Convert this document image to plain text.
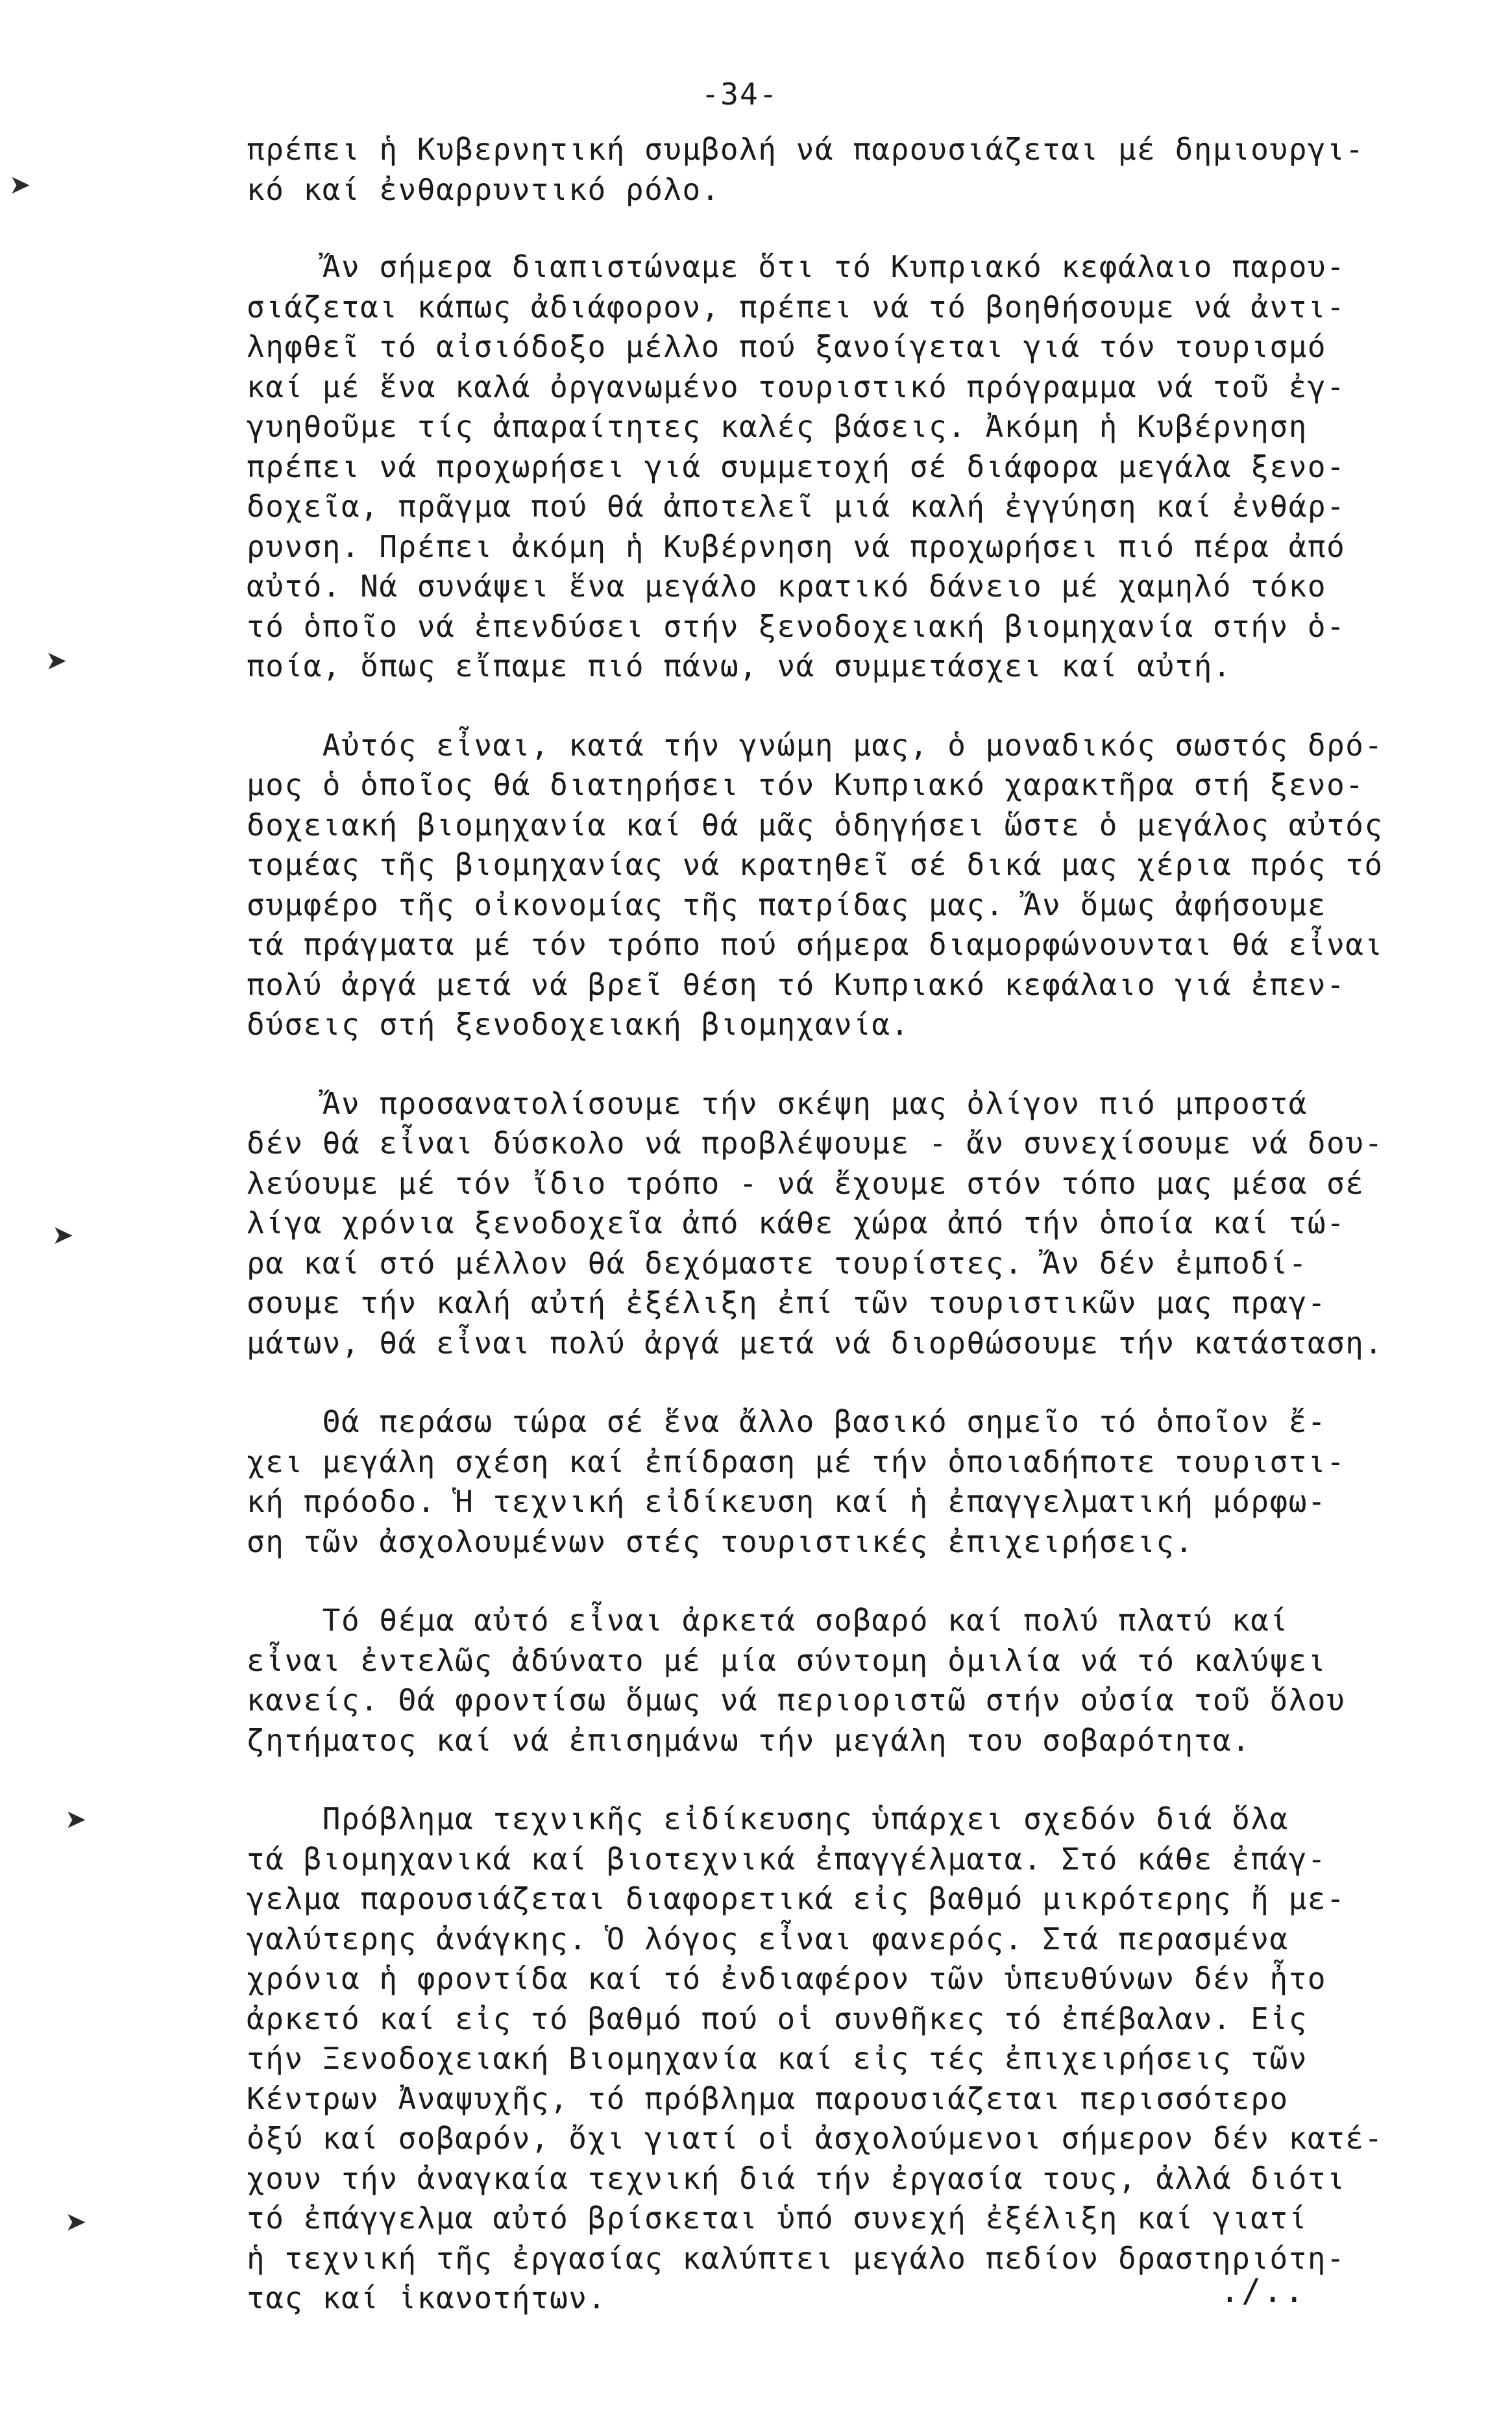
-34-
πρέπει ἡ Κυβερνητική συμβολή νά παρουσιάζεται μέ δημιουργι-
κό καί ἐνθαρρυντικό ρόλο.
Ἄν σήμερα διαπιστώναμε ὅτι τό Κυπριακό κεφάλαιο παρου-
σιάζεται κάπως ἀδιάφορον, πρέπει νά τό βοηθήσουμε νά ἀντι-
ληφθεῖ τό αἰσιόδοξο μέλλο πού ξανοίγεται γιά τόν τουρισμό
καί μέ ἕνα καλά ὀργανωμένο τουριστικό πρόγραμμα νά τοῦ ἐγ-
γυηθοῦμε τίς ἀπαραίτητες καλές βάσεις. Ἀκόμη ἡ Κυβέρνηση
πρέπει νά προχωρήσει γιά συμμετοχή σέ διάφορα μεγάλα ξενο-
δοχεῖα, πρᾶγμα πού θά ἀποτελεῖ μιά καλή ἐγγύηση καί ἐνθάρ-
ρυνση. Πρέπει ἀκόμη ἡ Κυβέρνηση νά προχωρήσει πιό πέρα ἀπό
αὐτό. Νά συνάψει ἕνα μεγάλο κρατικό δάνειο μέ χαμηλό τόκο
τό ὁποῖο νά ἐπενδύσει στήν ξενοδοχειακή βιομηχανία στήν ὁ-
ποία, ὅπως εἴπαμε πιό πάνω, νά συμμετάσχει καί αὐτή.
Αὐτός εἶναι, κατά τήν γνώμη μας, ὁ μοναδικός σωστός δρό-
μος ὁ ὁποῖος θά διατηρήσει τόν Κυπριακό χαρακτῆρα στή ξενο-
δοχειακή βιομηχανία καί θά μᾶς ὁδηγήσει ὥστε ὁ μεγάλος αὐτός
τομέας τῆς βιομηχανίας νά κρατηθεῖ σέ δικά μας χέρια πρός τό
συμφέρο τῆς οἰκονομίας τῆς πατρίδας μας. Ἄν ὅμως ἀφήσουμε
τά πράγματα μέ τόν τρόπο πού σήμερα διαμορφώνουνται θά εἶναι
πολύ ἀργά μετά νά βρεῖ θέση τό Κυπριακό κεφάλαιο γιά ἐπεν-
δύσεις στή ξενοδοχειακή βιομηχανία.
Ἄν προσανατολίσουμε τήν σκέψη μας ὀλίγον πιό μπροστά
δέν θά εἶναι δύσκολο νά προβλέψουμε - ἄν συνεχίσουμε νά δου-
λεύουμε μέ τόν ἴδιο τρόπο - νά ἔχουμε στόν τόπο μας μέσα σέ
λίγα χρόνια ξενοδοχεῖα ἀπό κάθε χώρα ἀπό τήν ὁποία καί τώ-
ρα καί στό μέλλον θά δεχόμαστε τουρίστες. Ἄν δέν ἐμποδί-
σουμε τήν καλή αὐτή ἐξέλιξη ἐπί τῶν τουριστικῶν μας πραγ-
μάτων, θά εἶναι πολύ ἀργά μετά νά διορθώσουμε τήν κατάσταση.
Θά περάσω τώρα σέ ἕνα ἄλλο βασικό σημεῖο τό ὁποῖον ἔ-
χει μεγάλη σχέση καί ἐπίδραση μέ τήν ὁποιαδήποτε τουριστι-
κή πρόοδο. Ἡ τεχνική εἰδίκευση καί ἡ ἐπαγγελματική μόρφω-
ση τῶν ἀσχολουμένων στές τουριστικές ἐπιχειρήσεις.
Τό θέμα αὐτό εἶναι ἀρκετά σοβαρό καί πολύ πλατύ καί
εἶναι ἐντελῶς ἀδύνατο μέ μία σύντομη ὁμιλία νά τό καλύψει
κανείς. Θά φροντίσω ὅμως νά περιοριστῶ στήν οὐσία τοῦ ὅλου
ζητήματος καί νά ἐπισημάνω τήν μεγάλη του σοβαρότητα.
Πρόβλημα τεχνικῆς εἰδίκευσης ὑπάρχει σχεδόν διά ὅλα
τά βιομηχανικά καί βιοτεχνικά ἐπαγγέλματα. Στό κάθε ἐπάγ-
γελμα παρουσιάζεται διαφορετικά εἰς βαθμό μικρότερης ἤ με-
γαλύτερης ἀνάγκης. Ὁ λόγος εἶναι φανερός. Στά περασμένα
χρόνια ἡ φροντίδα καί τό ἐνδιαφέρον τῶν ὑπευθύνων δέν ἦτο
ἀρκετό καί εἰς τό βαθμό πού οἱ συνθῆκες τό ἐπέβαλαν. Εἰς
τήν Ξενοδοχειακή Βιομηχανία καί εἰς τές ἐπιχειρήσεις τῶν
Κέντρων Ἀναψυχῆς, τό πρόβλημα παρουσιάζεται περισσότερο
ὀξύ καί σοβαρόν, ὄχι γιατί οἱ ἀσχολούμενοι σήμερον δέν κατέ-
χουν τήν ἀναγκαία τεχνική διά τήν ἐργασία τους, ἀλλά διότι
τό ἐπάγγελμα αὐτό βρίσκεται ὑπό συνεχή ἐξέλιξη καί γιατί
ἡ τεχνική τῆς ἐργασίας καλύπτει μεγάλο πεδίον δραστηριότη-
τας καί ἱκανοτήτων.	./..
➤
➤
➤
➤
➤
